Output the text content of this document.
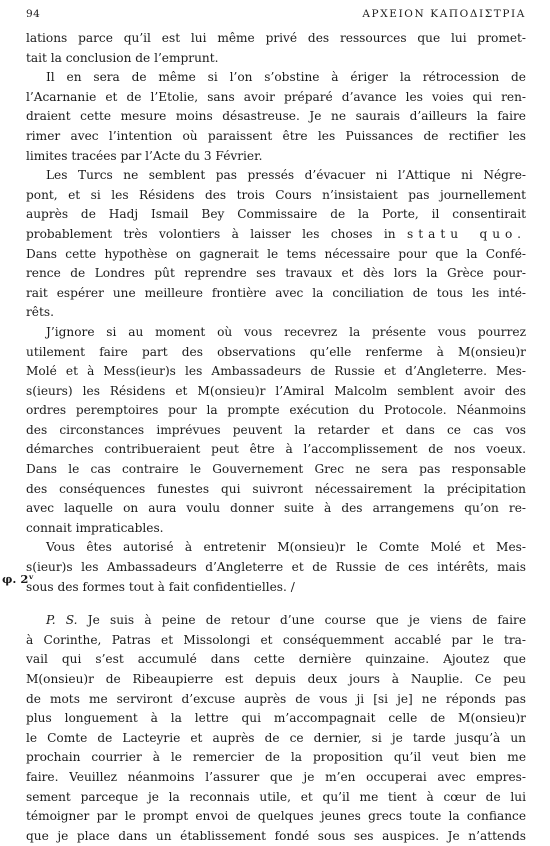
94	ΑΡΧΕΙΟΝ ΚΑΠΟΔΙΣΤΡΙΑ
φ. 2ᵛ
lations parce qu’il est lui même privé des ressources que lui promet-
tait la conclusion de l’emprunt.
Il en sera de même si l’on s’obstine à ériger la rétrocession de
l’Acarnanie et de l’Etolie, sans avoir préparé d’avance les voies qui ren-
draient cette mesure moins désastreuse. Je ne saurais d’ailleurs la faire
rimer avec l’intention où paraissent être les Puissances de rectifier les
limites tracées par l’Acte du 3 Février.
Les Turcs ne semblent pas pressés d’évacuer ni l’Attique ni Négre-
pont, et si les Résidens des trois Cours n’insistaient pas journellement
auprès de Hadj Ismail Bey Commissaire de la Porte, il consentirait
probablement très volontiers à laisser les choses in statu quo.
Dans cette hypothèse on gagnerait le tems nécessaire pour que la Confé-
rence de Londres pût reprendre ses travaux et dès lors la Grèce pour-
rait espérer une meilleure frontière avec la conciliation de tous les inté-
rêts.
J’ignore si au moment où vous recevrez la présente vous pourrez
utilement faire part des observations qu’elle renferme à M(onsieu)r
Molé et à Mess(ieur)s les Ambassadeurs de Russie et d’Angleterre. Mes-
s(ieurs) les Résidens et M(onsieu)r l’Amiral Malcolm semblent avoir des
ordres peremptoires pour la prompte exécution du Protocole. Néanmoins
des circonstances imprévues peuvent la retarder et dans ce cas vos
démarches contribueraient peut être à l’accomplissement de nos voeux.
Dans le cas contraire le Gouvernement Grec ne sera pas responsable
des conséquences funestes qui suivront nécessairement la précipitation
avec laquelle on aura voulu donner suite à des arrangemens qu’on re-
connait impraticables.
Vous êtes autorisé à entretenir M(onsieu)r le Comte Molé et Mes-
s(ieur)s les Ambassadeurs d’Angleterre et de Russie de ces intérêts, mais
sous des formes tout à fait confidentielles. /
P. S. Je suis à peine de retour d’une course que je viens de faire
à Corinthe, Patras et Missolongi et conséquemment accablé par le tra-
vail qui s’est accumulé dans cette dernière quinzaine. Ajoutez que
M(onsieu)r de Ribeaupierre est depuis deux jours à Nauplie. Ce peu
de mots me serviront d’excuse auprès de vous ji [si je] ne réponds pas
plus longuement à la lettre qui m’accompagnait celle de M(onsieu)r
le Comte de Lacteyrie et auprès de ce dernier, si je tarde jusqu’à un
prochain courrier à le remercier de la proposition qu’il veut bien me
faire. Veuillez néanmoins l’assurer que je m’en occuperai avec empres-
sement parceque je la reconnais utile, et qu’il me tient à cœur de lui
témoigner par le prompt envoi de quelques jeunes grecs toute la confiance
que je place dans un établissement fondé sous ses auspices. Je n’attends
